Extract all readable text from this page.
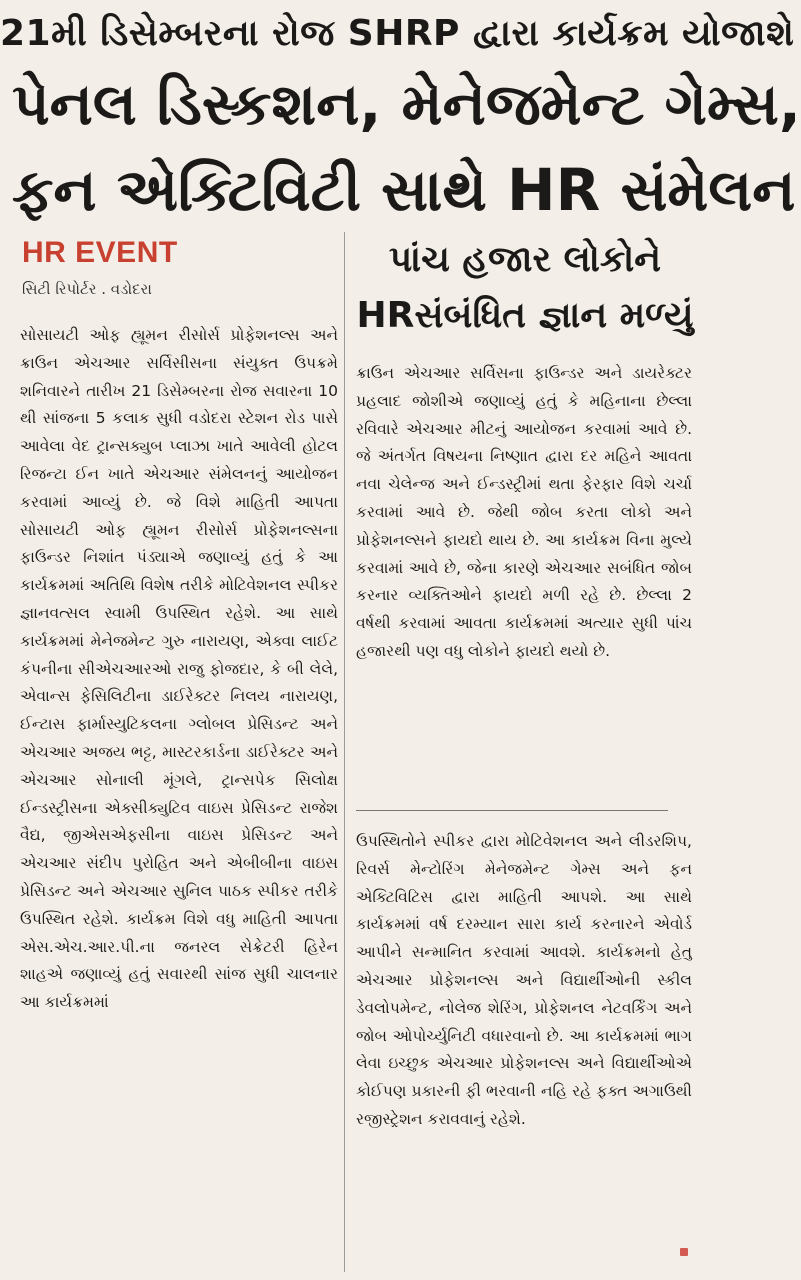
21મી ડિસેમ્બરના રોજ SHRP દ્વારા કાર્યક્રમ યોજાશે
પેનલ ડિસ્કશન, મેનેજમેન્ટ ગેમ્સ,
ફન એક્ટિવિટી સાથે HR સંમેલન
HR EVENT
સિટી રિપોર્ટર . વડોદરા
પાંચ હજાર લોકોને
HRસંબંધિત જ્ઞાન મળ્યું
સોસાયટી ઓફ હ્યૂમન રીસોર્સ પ્રોફેશનલ્સ અને ક્રાઉન એચઆર સર્વિસીસના સંયુક્ત ઉપક્રમે શનિવારને તારીખ 21 ડિસેમ્બરના રોજ સવારના 10 થી સાંજના 5 કલાક સુધી વડોદરા સ્ટેશન રોડ પાસે આવેલા વેદ ટ્રાન્સક્યુબ પ્લાઝા ખાતે આવેલી હોટલ રિજન્ટા ઈન ખાતે એચઆર સંમેલનનું આયોજન કરવામાં આવ્યું છે. જે વિશે માહિતી આપતા સોસાયટી ઓફ હ્યૂમન રીસોર્સ પ્રોફેશનલ્સના ફાઉન્ડર નિશાંત પંડ્યાએ જણાવ્યું હતું કે આ કાર્યક્રમમાં અતિથિ વિશેષ તરીકે મોટિવેશનલ સ્પીકર જ્ઞાનવત્સલ સ્વામી ઉપસ્થિત રહેશે. આ સાથે કાર્યક્રમમાં મેનેજમેન્ટ ગુરુ નારાયણ, એક્વા લાઈટ કંપનીના સીએચઆરઓ રાજુ ફોજદાર, કે બી લેલે, એવાન્સ ફેસિલિટીના ડાઈરેક્ટર નિલય નારાયણ, ઈન્ટાસ ફાર્માસ્યુટિકલના ગ્લોબલ પ્રેસિડન્ટ અને એચઆર અજય ભટ્ટ, માસ્ટરકાર્ડના ડાઈરેક્ટર અને એચઆર સોનાલી મૂંગલે, ટ્રાન્સપેક સિલોક્ષ ઈન્ડસ્ટ્રીસના એક્સીક્યુટિવ વાઇસ પ્રેસિડન્ટ રાજેશ વૈદ્ય, જીએસએફસીના વાઇસ પ્રેસિડન્ટ અને એચઆર સંદીપ પુરોહિત અને એબીબીના વાઇસ પ્રેસિડન્ટ અને એચઆર સુનિલ પાઠક સ્પીકર તરીકે ઉપસ્થિત રહેશે. કાર્યક્રમ વિશે વધુ માહિતી આપતા એસ.એચ.આર.પી.ના જનરલ સેક્રેટરી હિરેન શાહએ જણાવ્યું હતું સવારથી સાંજ સુધી ચાલનાર આ કાર્યક્રમમાં
ક્રાઉન એચઆર સર્વિસના ફાઉન્ડર અને ડાયરેક્ટર પ્રહલાદ જોશીએ જણાવ્યું હતું કે મહિનાના છેલ્લા રવિવારે એચઆર મીટનું આયોજન કરવામાં આવે છે. જે અંતર્ગત વિષયના નિષ્ણાત દ્વારા દર મહિને આવતા નવા ચેલેન્જ અને ઈન્ડસ્ટ્રીમાં થતા ફેરફાર વિશે ચર્ચા કરવામાં આવે છે. જેથી જોબ કરતા લોકો અને પ્રોફેશનલ્સને ફાયદો થાય છે. આ કાર્યક્રમ વિના મુલ્યે કરવામાં આવે છે, જેના કારણે એચઆર સબંધિત જોબ કરનાર વ્યક્તિઓને ફાયદો મળી રહે છે. છેલ્લા 2 વર્ષથી કરવામાં આવતા કાર્યક્રમમાં અત્યાર સુધી પાંચ હજારથી પણ વધુ લોકોને ફાયદો થયો છે.
ઉપસ્થિતોને સ્પીકર દ્વારા મોટિવેશનલ અને લીડરશિપ, રિવર્સ મેન્ટોરિંગ મેનેજમેન્ટ ગેમ્સ અને ફન એક્ટિવિટિસ દ્વારા માહિતી આપશે. આ સાથે કાર્યક્રમમાં વર્ષ દરમ્યાન સારા કાર્ય કરનારને એવોર્ડ આપીને સન્માનિત કરવામાં આવશે. કાર્યક્રમનો હેતુ એચઆર પ્રોફેશનલ્સ અને વિદ્યાર્થીઓની સ્કીલ ડેવલોપમેન્ટ, નોલેજ શેરિંગ, પ્રોફેશનલ નેટવર્કિંગ અને જોબ ઓપોર્ચ્યુનિટી વધારવાનો છે. આ કાર્યક્રમમાં ભાગ લેવા ઇચ્છુક એચઆર પ્રોફેશનલ્સ અને વિદ્યાર્થીઓએ કોઈપણ પ્રકારની ફી ભરવાની નહિ રહે ફક્ત અગાઉથી રજીસ્ટ્રેશન કરાવવાનું રહેશે.
